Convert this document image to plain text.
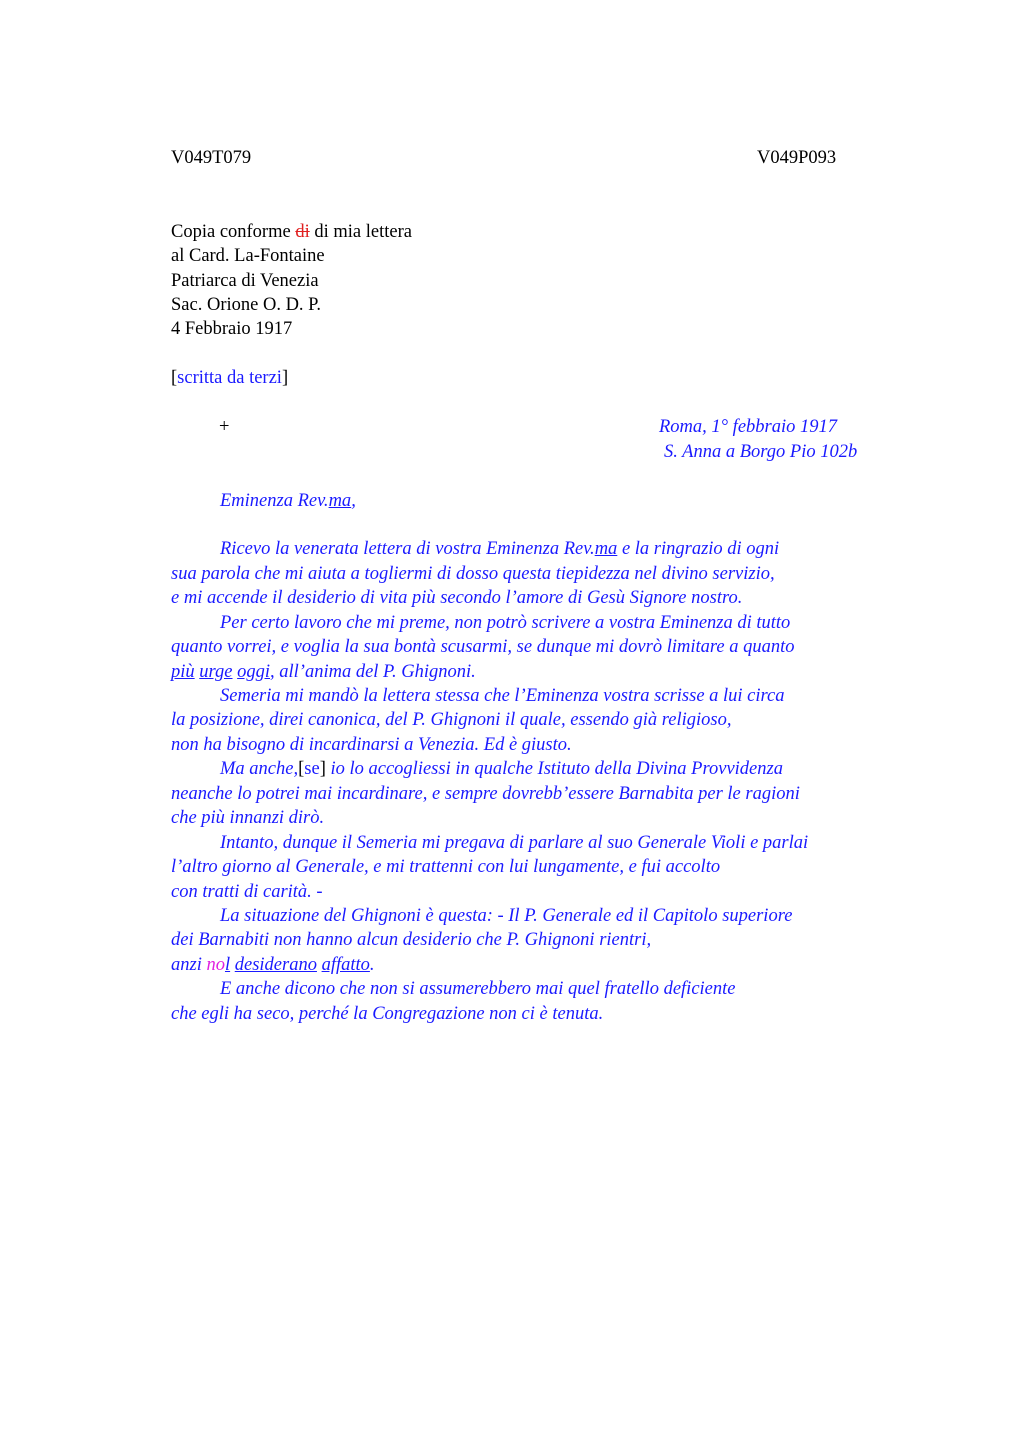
V049T079	V049P093
Copia conforme di di mia lettera
al Card. La-Fontaine
Patriarca di Venezia
Sac. Orione O. D. P.
4 Febbraio 1917
[scritta da terzi]
+	Roma, 1° febbraio 1917
S. Anna a Borgo Pio 102b
Eminenza Rev.ma,
Ricevo la venerata lettera di vostra Eminenza Rev.ma e la ringrazio di ogni
sua parola che mi aiuta a togliermi di dosso questa tiepidezza nel divino servizio,
e mi accende il desiderio di vita più secondo l’amore di Gesù Signore nostro.
Per certo lavoro che mi preme, non potrò scrivere a vostra Eminenza di tutto
quanto vorrei, e voglia la sua bontà scusarmi, se dunque mi dovrò limitare a quanto
più urge oggi, all’anima del P. Ghignoni.
Semeria mi mandò la lettera stessa che l’Eminenza vostra scrisse a lui circa
la posizione, direi canonica, del P. Ghignoni il quale, essendo già religioso,
non ha bisogno di incardinarsi a Venezia. Ed è giusto.
Ma anche,[se] io lo accogliessi in qualche Istituto della Divina Provvidenza
neanche lo potrei mai incardinare, e sempre dovrebb’essere Barnabita per le ragioni
che più innanzi dirò.
Intanto, dunque il Semeria mi pregava di parlare al suo Generale Violi e parlai
l’altro giorno al Generale, e mi trattenni con lui lungamente, e fui accolto
con tratti di carità. -
La situazione del Ghignoni è questa: - Il P. Generale ed il Capitolo superiore
dei Barnabiti non hanno alcun desiderio che P. Ghignoni rientri,
anzi nol desiderano affatto.
E anche dicono che non si assumerebbero mai quel fratello deficiente
che egli ha seco, perché la Congregazione non ci è tenuta.
